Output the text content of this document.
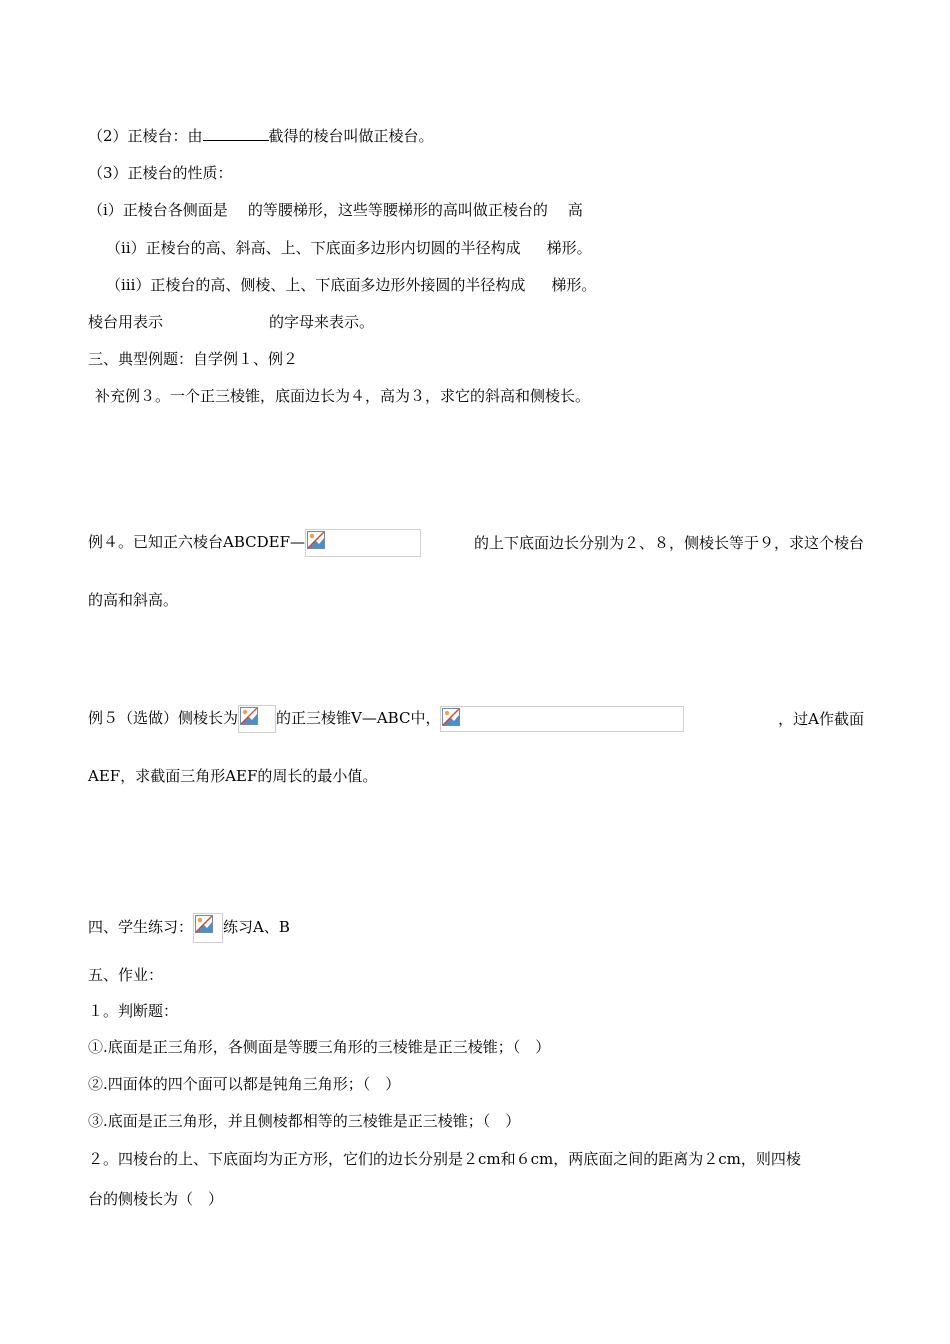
（2）正棱台：由	截得的棱台叫做正棱台。
（3）正棱台的性质：
（ⅰ）正棱台各侧面是 的等腰梯形，这些等腰梯形的高叫做正棱台的 高
（ⅱ）正棱台的高、斜高、上、下底面多边形内切圆的半径构成 梯形。
（ⅲ）正棱台的高、侧棱、上、下底面多边形外接圆的半径构成 梯形。
棱台用表示	的字母来表示。
三、典型例题：自学例１、例２
补充例３。一个正三棱锥，底面边长为４，高为３，求它的斜高和侧棱长。
例４。已知正六棱台ABCDEF—	的上下底面边长分别为２、８，侧棱长等于９，求这个棱台
的高和斜高。
例５（选做）侧棱长为	的正三棱锥V—ABC中，	，过A作截面
AEF，求截面三角形AEF的周长的最小值。
四、学生练习： 练习A、B
五、作业：
１。判断题：
①.底面是正三角形，各侧面是等腰三角形的三棱锥是正三棱锥；（　）
②.四面体的四个面可以都是钝角三角形；（　）
③.底面是正三角形，并且侧棱都相等的三棱锥是正三棱锥；（　）
２。四棱台的上、下底面均为正方形，它们的边长分别是２cm和６cm，两底面之间的距离为２cm，则四棱
台的侧棱长为（　）
